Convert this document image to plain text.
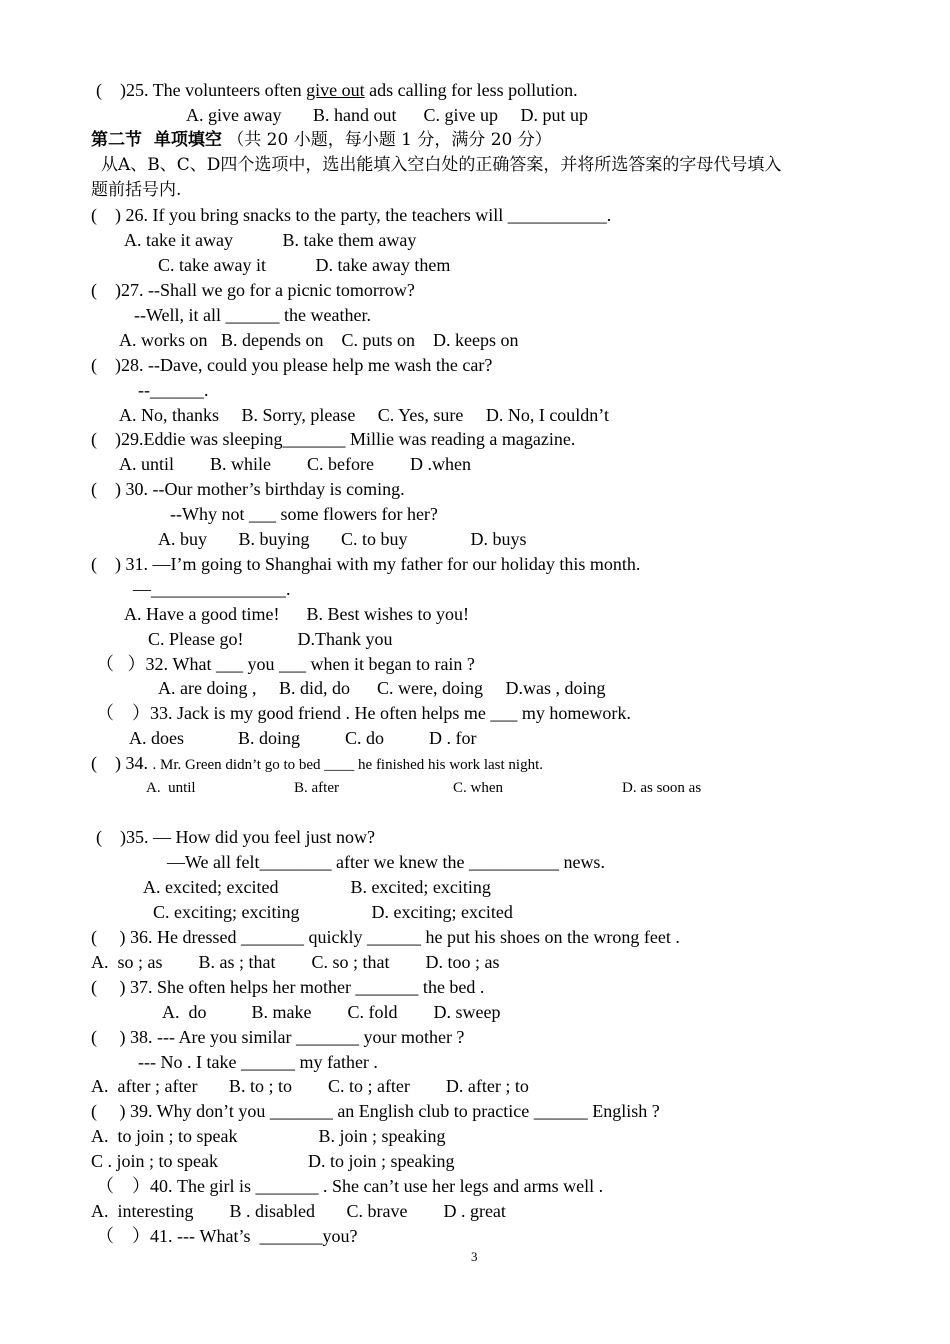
(    )25. The volunteers often give out ads calling for less pollution.
A. give away       B. hand out      C. give up     D. put up
第二节  单项填空 （共 20 小题，每小题 1 分，满分 20 分）
从A、B、C、D四个选项中，选出能填入空白处的正确答案，并将所选答案的字母代号填入
题前括号内.
(    ) 26. If you bring snacks to the party, the teachers will ___________.
A. take it away           B. take them away
C. take away it           D. take away them
(    )27. --Shall we go for a picnic tomorrow?
--Well, it all ______ the weather.
A. works on   B. depends on    C. puts on    D. keeps on
(    )28. --Dave, could you please help me wash the car?
--______.
A. No, thanks     B. Sorry, please     C. Yes, sure     D. No, I couldn’t
(    )29.Eddie was sleeping_______ Millie was reading a magazine.
A. until        B. while        C. before        D .when
(    ) 30. --Our mother’s birthday is coming.
--Why not ___ some flowers for her?
A. buy       B. buying       C. to buy              D. buys
(    ) 31. —I’m going to Shanghai with my father for our holiday this month.
—_______________.
A. Have a good time!      B. Best wishes to you!
C. Please go!            D.Thank you
（   ）32. What ___ you ___ when it began to rain ?
A. are doing ,     B. did, do      C. were, doing     D.was , doing
（    ）33. Jack is my good friend . He often helps me ___ my homework.
A. does            B. doing          C. do          D . for
(    ) 34. . Mr. Green didn’t go to bed ____ he finished his work last night.
A.  until	B. after	C. when	D. as soon as
(    )35. — How did you feel just now?
—We all felt________ after we knew the __________ news.
A. excited; excited                B. excited; exciting
C. exciting; exciting                D. exciting; excited
(     ) 36. He dressed _______ quickly ______ he put his shoes on the wrong feet .
A.  so ; as        B. as ; that        C. so ; that        D. too ; as
(     ) 37. She often helps her mother _______ the bed .
A.  do          B. make        C. fold        D. sweep
(     ) 38. --- Are you similar _______ your mother ?
--- No . I take ______ my father .
A.  after ; after       B. to ; to        C. to ; after        D. after ; to
(     ) 39. Why don’t you _______ an English club to practice ______ English ?
A.  to join ; to speak                  B. join ; speaking
C . join ; to speak                    D. to join ; speaking
（    ）40. The girl is _______ . She can’t use her legs and arms well .
A.  interesting        B . disabled       C. brave        D . great
（    ）41. --- What’s  _______you?
3
